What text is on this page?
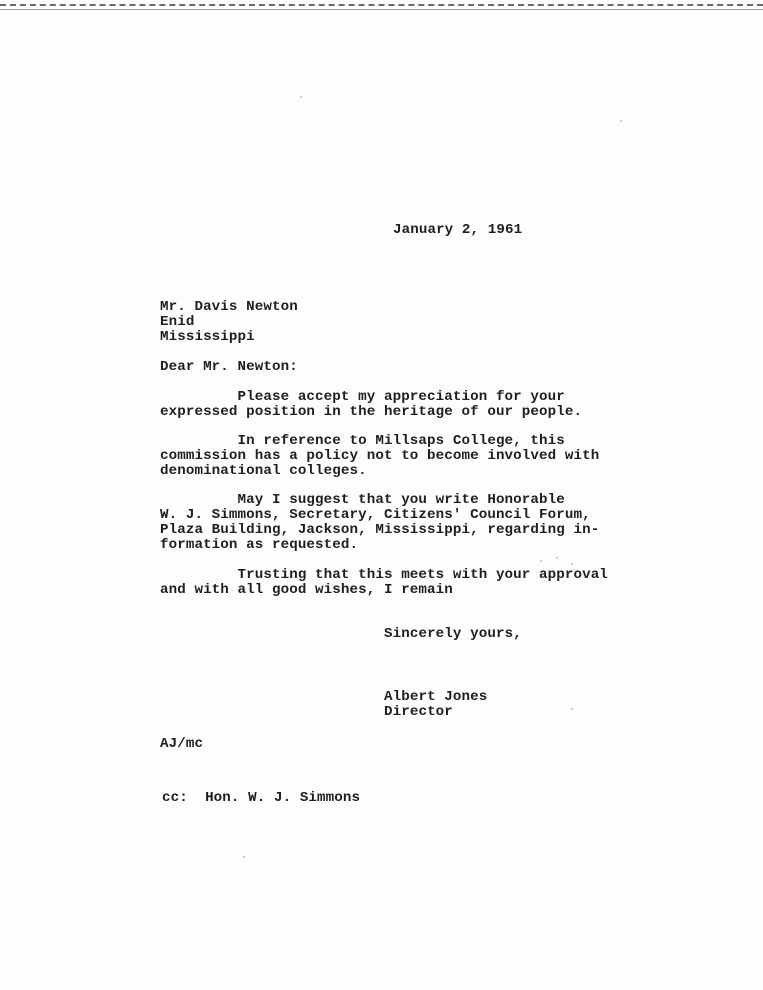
January 2, 1961
Mr. Davis Newton
Enid
Mississippi
Dear Mr. Newton:
Please accept my appreciation for your
expressed position in the heritage of our people.
In reference to Millsaps College, this
commission has a policy not to become involved with
denominational colleges.
May I suggest that you write Honorable
W. J. Simmons, Secretary, Citizens' Council Forum,
Plaza Building, Jackson, Mississippi, regarding in-
formation as requested.
Trusting that this meets with your approval
and with all good wishes, I remain
Sincerely yours,
Albert Jones
Director
AJ/mc
cc:  Hon. W. J. Simmons
